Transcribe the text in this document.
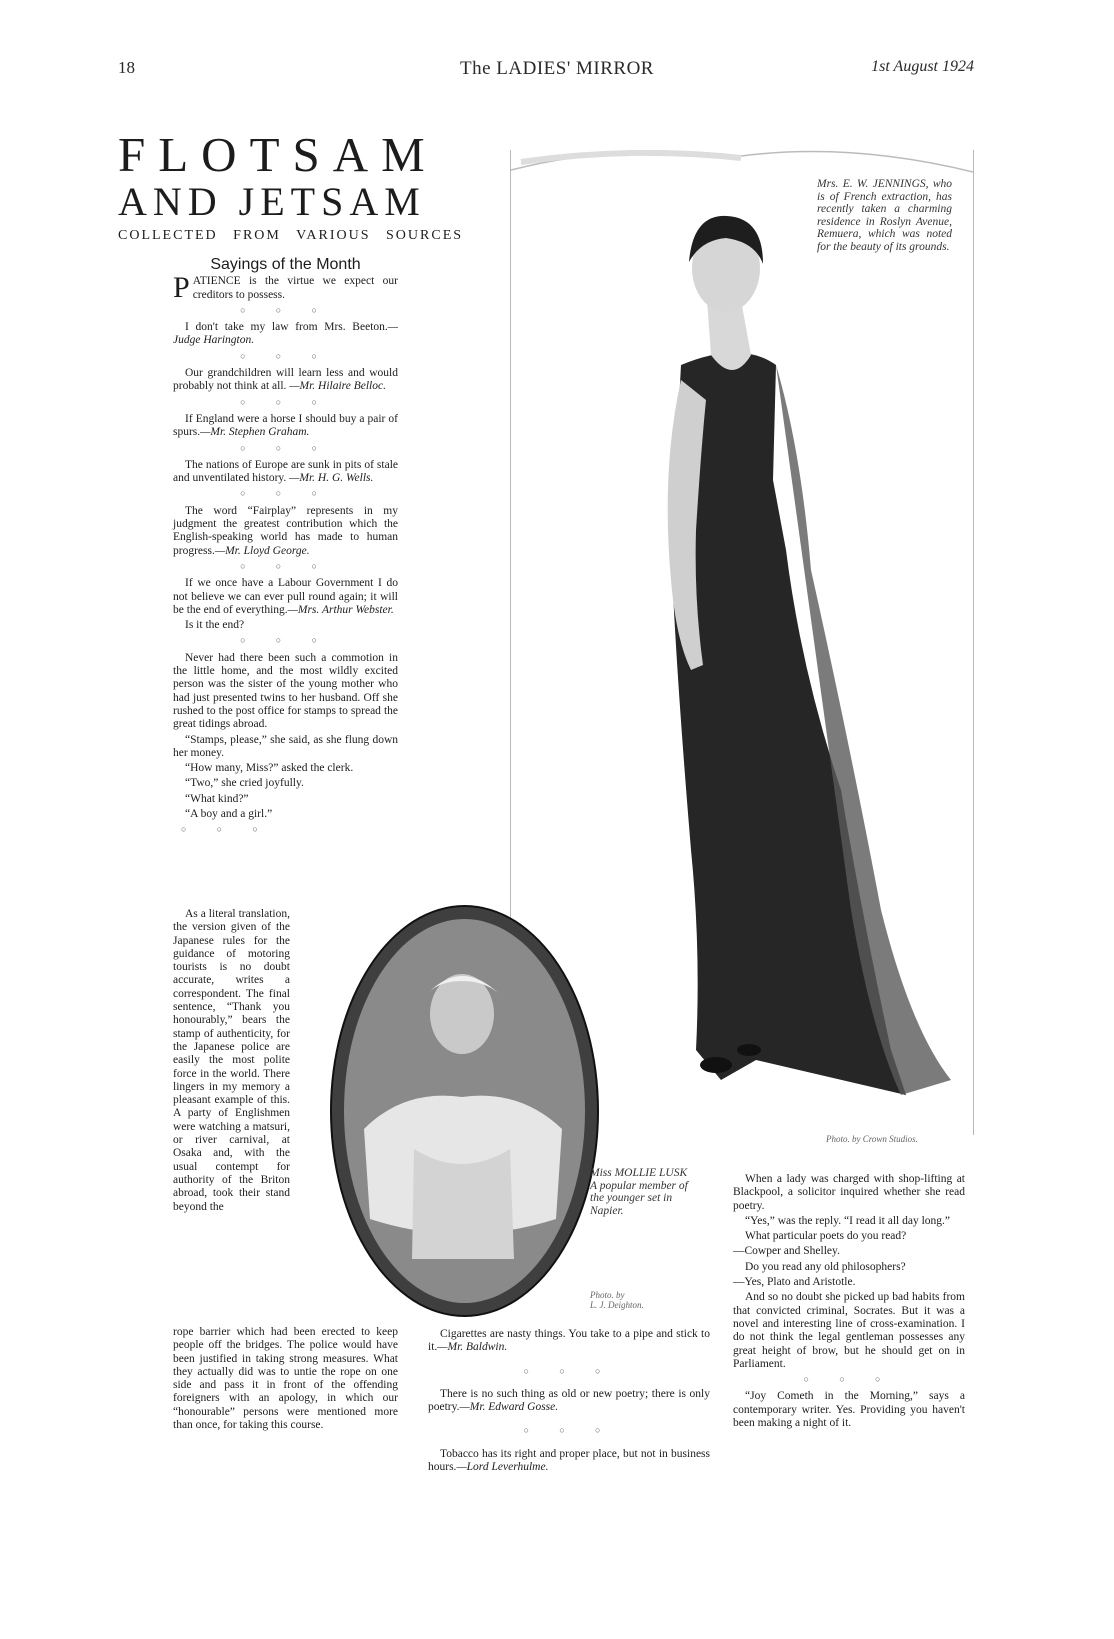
18	The LADIES' MIRROR	1st August 1924
FLOTSAM
AND JETSAM
COLLECTED FROM VARIOUS SOURCES
Sayings of the Month

PATIENCE is the virtue we expect our creditors to possess.

○ ○ ○

I don't take my law from Mrs. Beeton.—Judge Harington.

○ ○ ○

Our grandchildren will learn less and would probably not think at all. —Mr. Hilaire Belloc.

○ ○ ○

If England were a horse I should buy a pair of spurs.—Mr. Stephen Graham.

○ ○ ○

The nations of Europe are sunk in pits of stale and unventilated history. —Mr. H. G. Wells.

○ ○ ○

The word “Fairplay” represents in my judgment the greatest contribution which the English-speaking world has made to human progress.—Mr. Lloyd George.

○ ○ ○

If we once have a Labour Government I do not believe we can ever pull round again; it will be the end of everything.—Mrs. Arthur Webster.

Is it the end?

○ ○ ○

Never had there been such a commotion in the little home, and the most wildly excited person was the sister of the young mother who had just presented twins to her husband. Off she rushed to the post office for stamps to spread the great tidings abroad.

“Stamps, please,” she said, as she flung down her money.

“How many, Miss?” asked the clerk.

“Two,” she cried joyfully.

“What kind?”

“A boy and a girl.”

○ ○ ○

As a literal translation, the version given of the Japanese rules for the guidance of motoring tourists is no doubt accurate, writes a correspondent. The final sentence, “Thank you honourably,” bears the stamp of authenticity, for the Japanese police are easily the most polite force in the world. There lingers in my memory a pleasant example of this. A party of Englishmen were watching a matsuri, or river carnival, at Osaka and, with the usual contempt for authority of the Briton abroad, took their stand beyond the

rope barrier which had been erected to keep people off the bridges. The police would have been justified in taking strong measures. What they actually did was to untie the rope on one side and pass it in front of the offending foreigners with an apology, in which our “honourable” persons were mentioned more than once, for taking this course.

Mrs. E. W. JENNINGS, who is of French extraction, has recently taken a charming residence in Roslyn Avenue, Remuera, which was noted for the beauty of its grounds.
Photo. by Crown Studios.
Miss MOLLIE LUSK
A popular member of the younger set in Napier.
Photo. by
L. J. Deighton.

Cigarettes are nasty things. You take to a pipe and stick to it.—Mr. Baldwin.

○ ○ ○

There is no such thing as old or new poetry; there is only poetry.—Mr. Edward Gosse.

○ ○ ○

Tobacco has its right and proper place, but not in business hours.—Lord Leverhulme.

When a lady was charged with shop-lifting at Blackpool, a solicitor inquired whether she read poetry.

“Yes,” was the reply. “I read it all day long.”

What particular poets do you read?

—Cowper and Shelley.

Do you read any old philosophers?

—Yes, Plato and Aristotle.

And so no doubt she picked up bad habits from that convicted criminal, Socrates. But it was a novel and interesting line of cross-examination. I do not think the legal gentleman possesses any great height of brow, but he should get on in Parliament.

○ ○ ○

“Joy Cometh in the Morning,” says a contemporary writer. Yes. Providing you haven't been making a night of it.
